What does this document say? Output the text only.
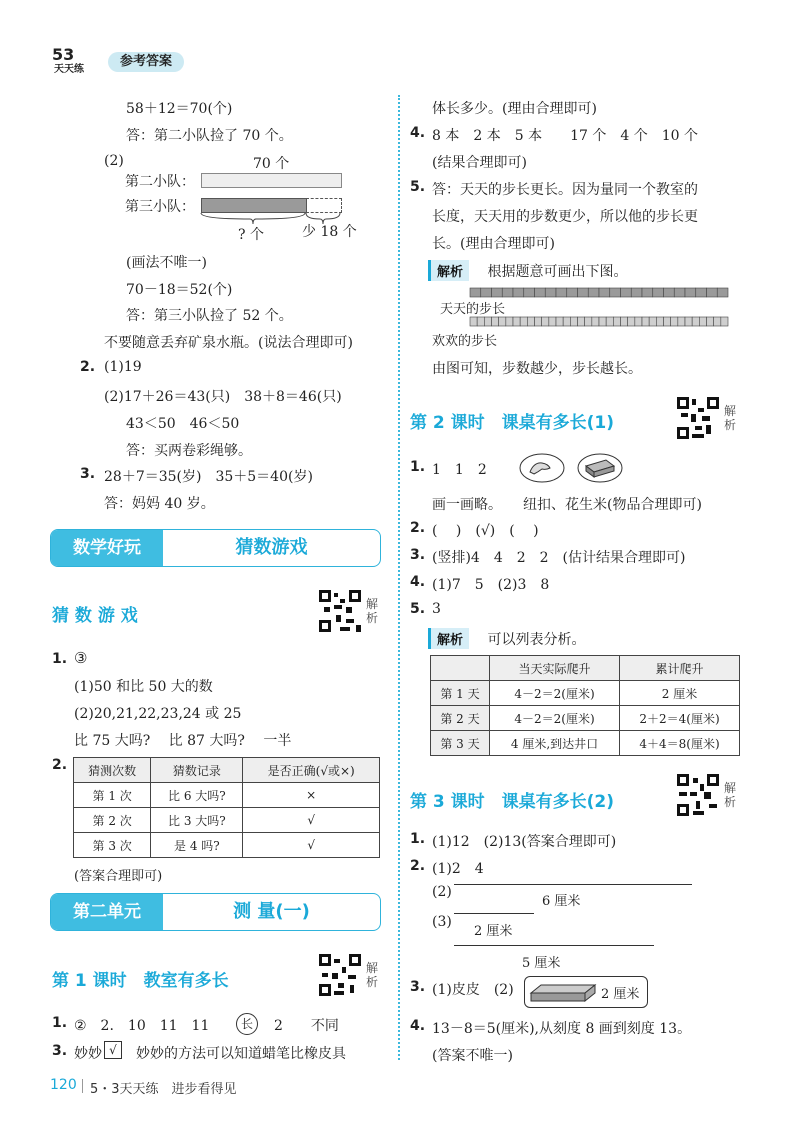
53
天天练
参考答案
58＋12＝70(个)
答：第二小队捡了 70 个。
(2)	70 个
第二小队：
第三小队：
? 个	少 18 个
(画法不唯一)
70－18＝52(个)
答：第三小队捡了 52 个。
不要随意丢弃矿泉水瓶。(说法合理即可)
2. (1)19
(2)17＋26＝43(只)　38＋8＝46(只)
43＜50　46＜50
答：买两卷彩绳够。
3. 28＋7＝35(岁)　35＋5＝40(岁)
答：妈妈 40 岁。
数学好玩	猜数游戏
猜 数 游 戏
解析
1. ③
(1)50 和比 50 大的数
(2)20,21,22,23,24 或 25
比 75 大吗?　 比 87 大吗?　 一半
2. 猜测次数	猜数记录	是否正确(√或×)
第 1 次	比 6 大吗?	×
第 2 次	比 3 大吗?	√
第 3 次	是 4 吗?	√
(答案合理即可)
第二单元	测 量(一)
第 1 课时　教室有多长
解析
1. ②　2.　10　11　11	长	2　　不同
3. 妙妙 √	妙妙的方法可以知道蜡笔比橡皮具
体长多少。(理由合理即可)
4. 8 本　2 本　5 本　　17 个　4 个　10 个
(结果合理即可)
5. 答：天天的步长更长。因为量同一个教室的
长度，天天用的步数更少，所以他的步长更
长。(理由合理即可)
解析 根据题意可画出下图。
天天的步长
欢欢的步长
由图可知，步数越少，步长越长。
第 2 课时　课桌有多长(1)
解析
1. 1　1　2
画一画略。　　纽扣、花生米(物品合理即可)
2. (　 )　(√)　(　 )
3. (竖排)4　4　2　2　(估计结果合理即可)
4. (1)7　5　(2)3　8
5. 3
解析 可以列表分析。
	当天实际爬升	累计爬升
第 1 天	4－2＝2(厘米)	2 厘米
第 2 天	4－2＝2(厘米)	2＋2＝4(厘米)
第 3 天	4 厘米,到达井口	4＋4＝8(厘米)
第 3 课时　课桌有多长(2)
解析
1. (1)12　(2)13(答案合理即可)
2. (1)2　4
(2)
6 厘米
(3)
2 厘米
5 厘米
3. (1)皮皮　(2)	2 厘米
4. 13－8＝5(厘米),从刻度 8 画到刻度 13。
(答案不唯一)
120 5・3天天练　进步看得见
